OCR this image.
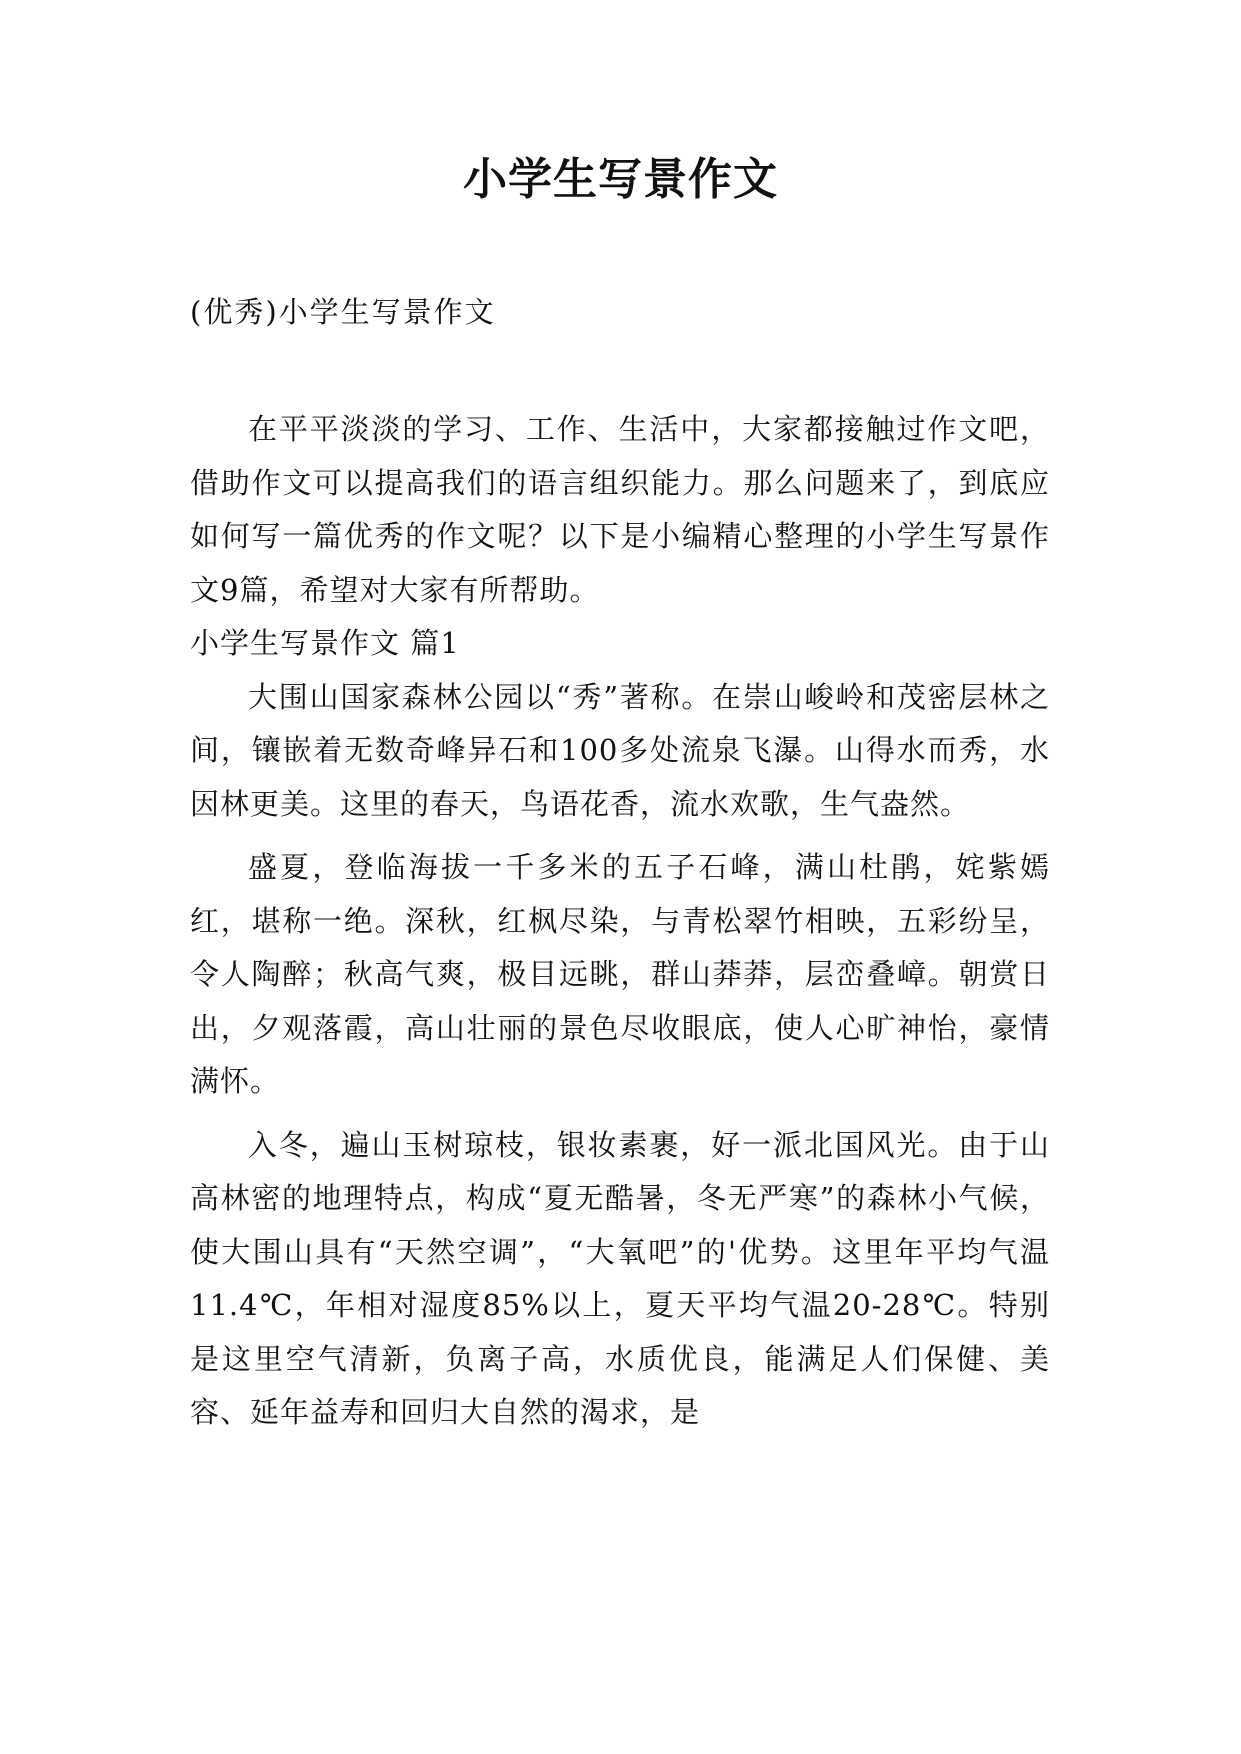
小学生写景作文
(优秀)小学生写景作文

在平平淡淡的学习、工作、生活中，大家都接触过作文吧，借助作文可以提高我们的语言组织能力。那么问题来了，到底应如何写一篇优秀的作文呢？以下是小编精心整理的小学生写景作文9篇，希望对大家有所帮助。

小学生写景作文 篇1

大围山国家森林公园以“秀”著称。在崇山峻岭和茂密层林之间，镶嵌着无数奇峰异石和100多处流泉飞瀑。山得水而秀，水因林更美。这里的春天，鸟语花香，流水欢歌，生气盎然。

盛夏，登临海拔一千多米的五子石峰，满山杜鹃，姹紫嫣红，堪称一绝。深秋，红枫尽染，与青松翠竹相映，五彩纷呈，令人陶醉；秋高气爽，极目远眺，群山莽莽，层峦叠嶂。朝赏日出，夕观落霞，高山壮丽的景色尽收眼底，使人心旷神怡，豪情满怀。

入冬，遍山玉树琼枝，银妆素裹，好一派北国风光。由于山高林密的地理特点，构成“夏无酷暑，冬无严寒”的森林小气候，使大围山具有“天然空调”，“大氧吧”的'优势。这里年平均气温11.4℃，年相对湿度85%以上，夏天平均气温20-28℃。特别是这里空气清新，负离子高，水质优良，能满足人们保健、美容、延年益寿和回归大自然的渴求，是
